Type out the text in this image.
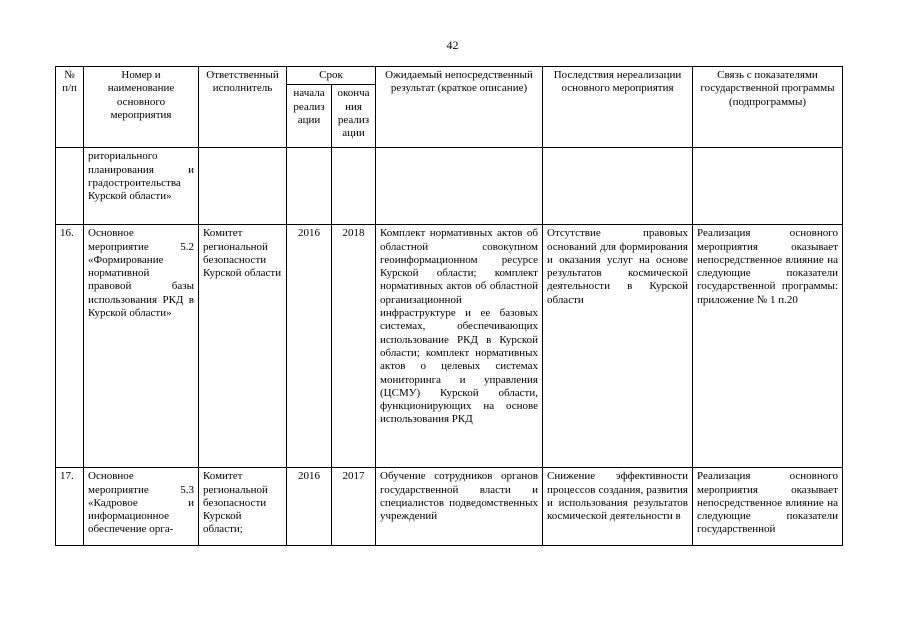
42
№ п/п	Номер и наименование основного мероприятия	Ответственный исполнитель	Срок		Ожидаемый непосредственный результат (краткое описание)	Последствия нереализации основного мероприятия	Связь с показателями государственной программы (подпрограммы)
			начала реализации	окончания реализации			
	риториального планирования и градостроительства Курской области»						
16.	Основное мероприятие 5.2 «Формирование нормативной правовой базы использования РКД в Курской области»	Комитет региональной безопасности Курской области	2016	2018	Комплект нормативных актов об областной совокупном геоинформационном ресурсе Курской области; комплект нормативных актов об областной организационной инфраструктуре и ее базовых системах, обеспечивающих использование РКД в Курской области; комплект нормативных актов о целевых системах мониторинга и управления (ЦСМУ) Курской области, функционирующих на основе использования РКД	Отсутствие правовых оснований для формирования и оказания услуг на основе результатов космической деятельности в Курской области	Реализация основного мероприятия оказывает непосредственное влияние на следующие показатели государственной программы: приложение № 1 п.20
17.	Основное мероприятие 5.3 «Кадровое и информационное обеспечение орга-	Комитет региональной безопасности Курской области;	2016	2017	Обучение сотрудников органов государственной власти и специалистов подведомственных учреждений	Снижение эффективности процессов создания, развития и использования результатов космической деятельности в	Реализация основного мероприятия оказывает непосредственное влияние на следующие показатели государственной
